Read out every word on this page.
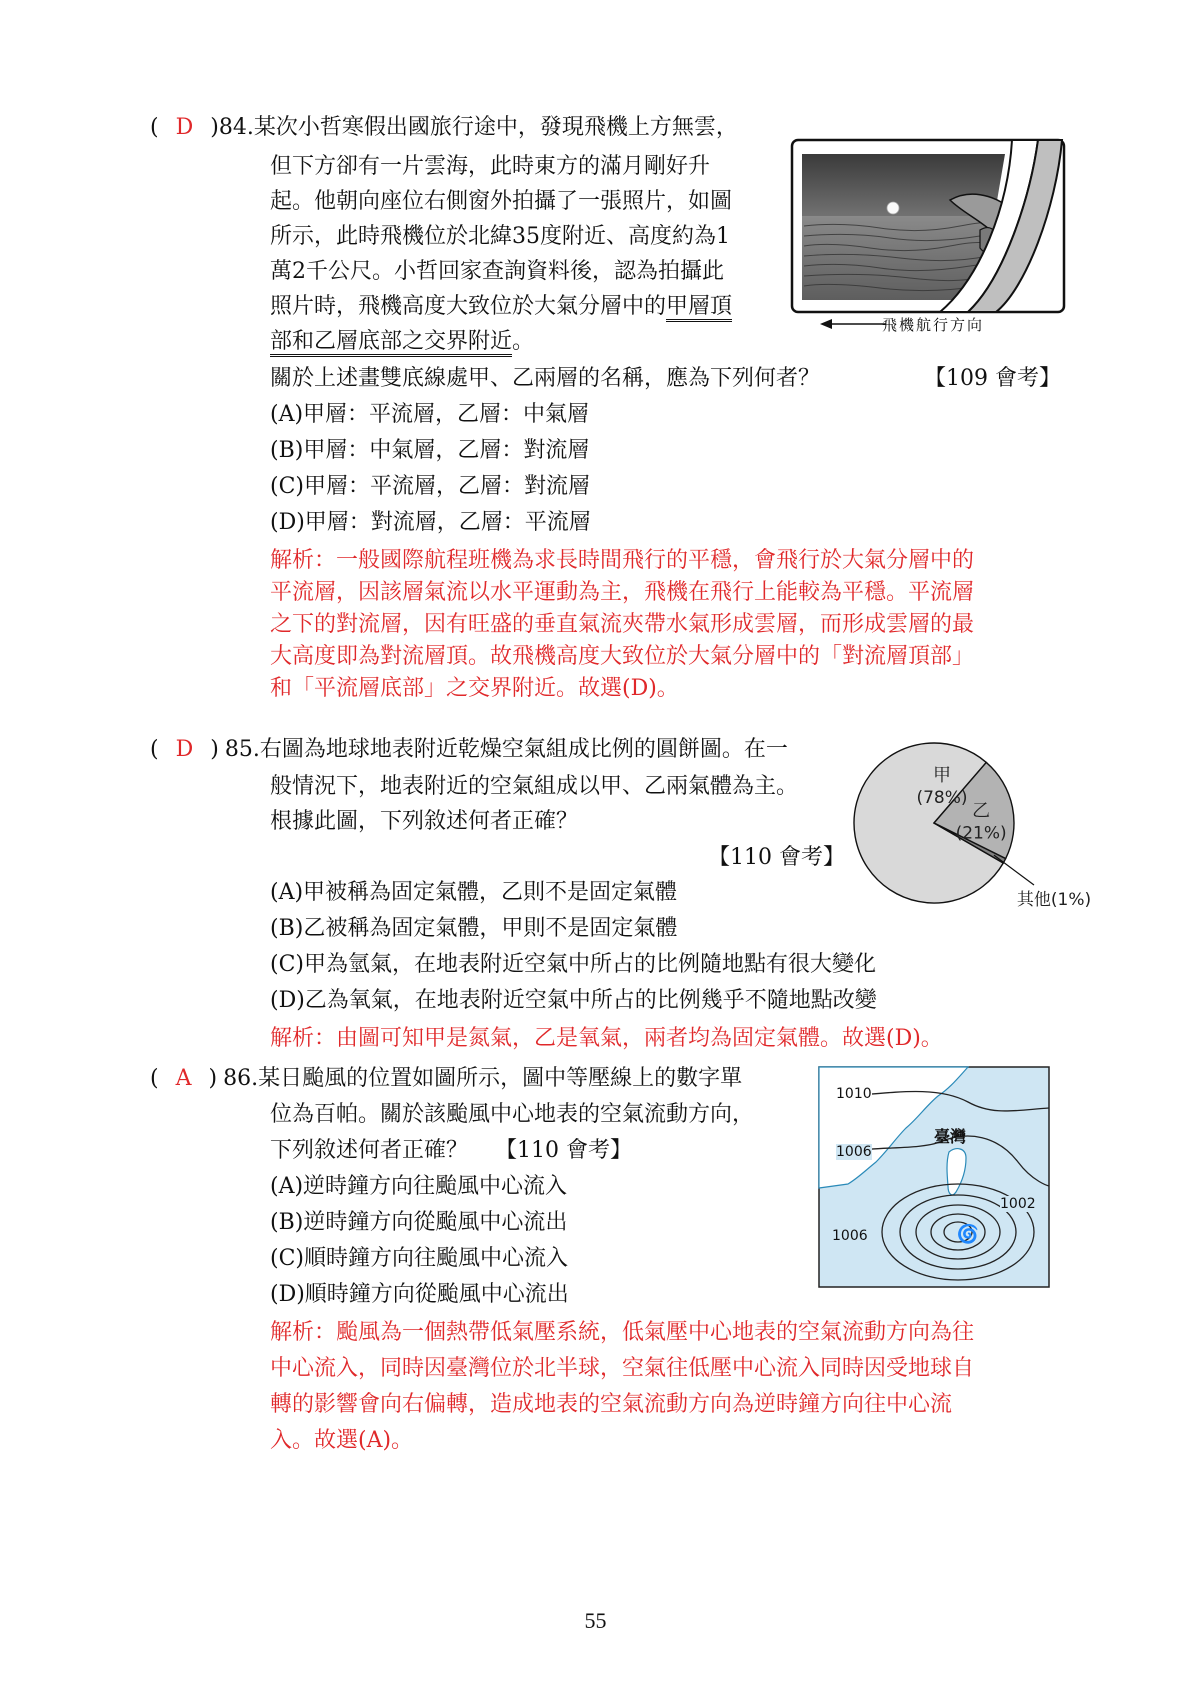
( D )84.某次小哲寒假出國旅行途中，發現飛機上方無雲，
但下方卻有一片雲海，此時東方的滿月剛好升
起。他朝向座位右側窗外拍攝了一張照片，如圖
所示，此時飛機位於北緯35度附近、高度約為1
萬2千公尺。小哲回家查詢資料後，認為拍攝此
照片時，飛機高度大致位於大氣分層中的甲層頂
部和乙層底部之交界附近。
關於上述畫雙底線處甲、乙兩層的名稱，應為下列何者？	【109 會考】
(A)甲層：平流層，乙層：中氣層
(B)甲層：中氣層，乙層：對流層
(C)甲層：平流層，乙層：對流層
(D)甲層：對流層，乙層：平流層
解析：一般國際航程班機為求長時間飛行的平穩，會飛行於大氣分層中的
平流層，因該層氣流以水平運動為主，飛機在飛行上能較為平穩。平流層
之下的對流層，因有旺盛的垂直氣流夾帶水氣形成雲層，而形成雲層的最
大高度即為對流層頂。故飛機高度大致位於大氣分層中的「對流層頂部」
和「平流層底部」之交界附近。故選(D)。
飛機航行方向
( D ) 85.右圖為地球地表附近乾燥空氣組成比例的圓餅圖。在一
般情況下，地表附近的空氣組成以甲、乙兩氣體為主。
根據此圖，下列敘述何者正確？
【110 會考】
(A)甲被稱為固定氣體，乙則不是固定氣體
(B)乙被稱為固定氣體，甲則不是固定氣體
(C)甲為氫氣，在地表附近空氣中所占的比例隨地點有很大變化
(D)乙為氧氣，在地表附近空氣中所占的比例幾乎不隨地點改變
解析：由圖可知甲是氮氣，乙是氧氣，兩者均為固定氣體。故選(D)。
甲
(78%)
乙
(21%)
其他(1%)
( A ) 86.某日颱風的位置如圖所示，圖中等壓線上的數字單
位為百帕。關於該颱風中心地表的空氣流動方向，
下列敘述何者正確？ 【110 會考】
(A)逆時鐘方向往颱風中心流入
(B)逆時鐘方向從颱風中心流出
(C)順時鐘方向往颱風中心流入
(D)順時鐘方向從颱風中心流出
解析：颱風為一個熱帶低氣壓系統，低氣壓中心地表的空氣流動方向為往
中心流入，同時因臺灣位於北半球，空氣往低壓中心流入同時因受地球自
轉的影響會向右偏轉，造成地表的空氣流動方向為逆時鐘方向往中心流
入。故選(A)。
🌀
1010
1006
臺灣
1002
1006
55
